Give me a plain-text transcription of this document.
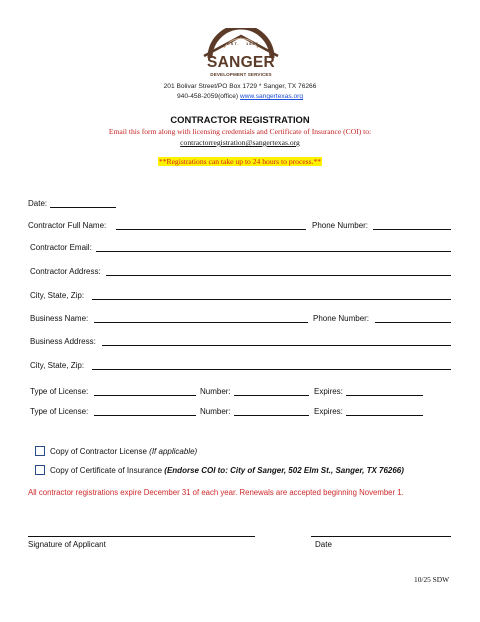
EST. 1886
SANGER
DEVELOPMENT SERVICES
201 Bolivar Street/PO Box 1729 * Sanger, TX 76266
940-458-2059(office) www.sangertexas.org
CONTRACTOR REGISTRATION
Email this form along with licensing credentials and Certificate of Insurance (COI) to:
contractorregistration@sangertexas.org
**Registrations can take up to 24 hours to process.**
Date:
Contractor Full Name:	Phone Number:
Contractor Email:
Contractor Address:
City, State, Zip:
Business Name:	Phone Number:
Business Address:
City, State, Zip:
Type of License:	Number:	Expires:
Type of License:	Number:	Expires:
Copy of Contractor License (If applicable)
Copy of Certificate of Insurance (Endorse COI to: City of Sanger, 502 Elm St., Sanger, TX 76266)
All contractor registrations expire December 31 of each year. Renewals are accepted beginning November 1.
Signature of Applicant	Date
10/25 SDW
